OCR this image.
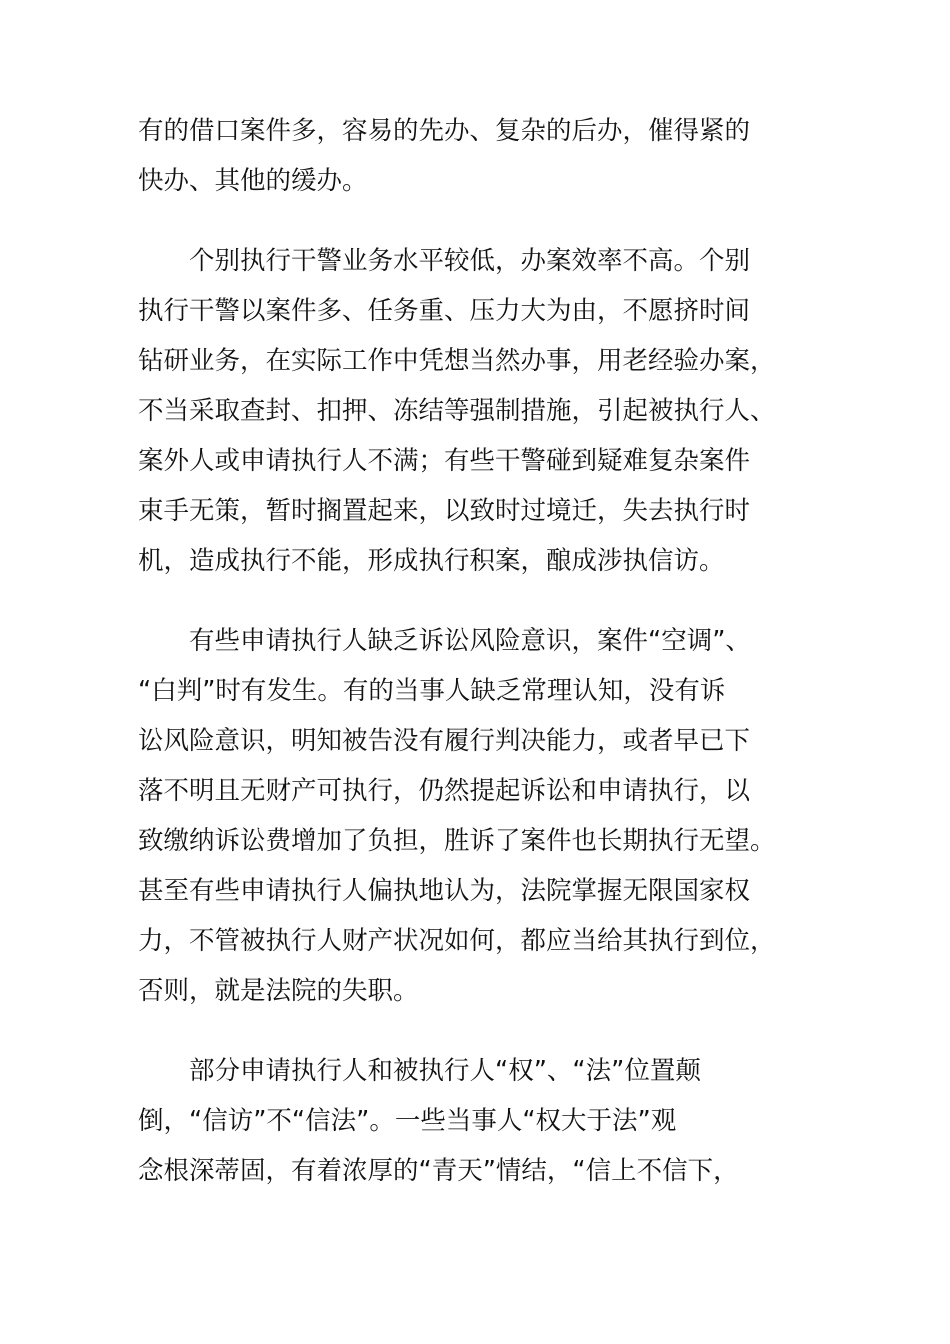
有的借口案件多，容易的先办、复杂的后办，催得紧的
快办、其他的缓办。

个别执行干警业务水平较低，办案效率不高。个别
执行干警以案件多、任务重、压力大为由，不愿挤时间
钻研业务，在实际工作中凭想当然办事，用老经验办案，
不当采取查封、扣押、冻结等强制措施，引起被执行人、
案外人或申请执行人不满；有些干警碰到疑难复杂案件
束手无策，暂时搁置起来，以致时过境迁，失去执行时
机，造成执行不能，形成执行积案，酿成涉执信访。

有些申请执行人缺乏诉讼风险意识，案件“空调”、
“白判”时有发生。有的当事人缺乏常理认知，没有诉
讼风险意识，明知被告没有履行判决能力，或者早已下
落不明且无财产可执行，仍然提起诉讼和申请执行，以
致缴纳诉讼费增加了负担，胜诉了案件也长期执行无望。
甚至有些申请执行人偏执地认为，法院掌握无限国家权
力，不管被执行人财产状况如何，都应当给其执行到位，
否则，就是法院的失职。

部分申请执行人和被执行人“权”、“法”位置颠
倒，“信访”不“信法”。一些当事人“权大于法”观
念根深蒂固，有着浓厚的“青天”情结，“信上不信下，
